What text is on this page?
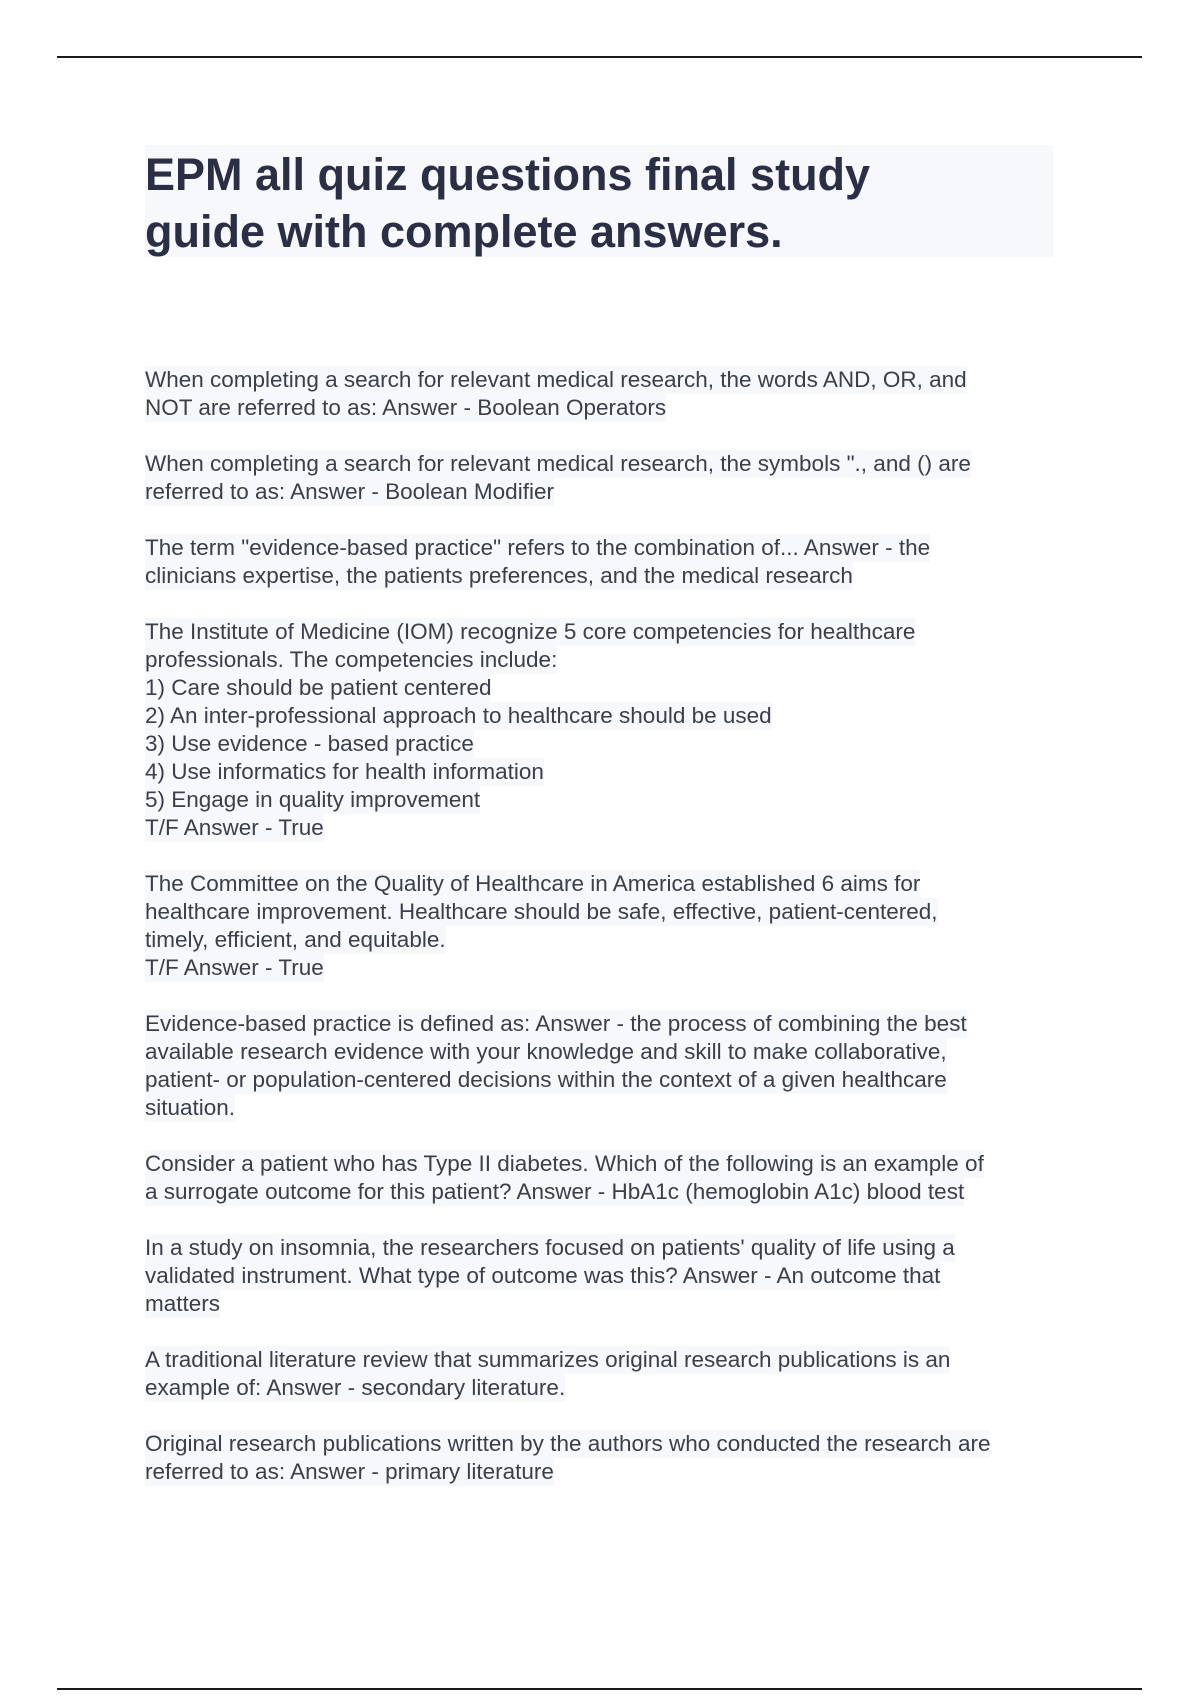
EPM all quiz questions final study
guide with complete answers.
When completing a search for relevant medical research, the words AND, OR, and
NOT are referred to as: Answer - Boolean Operators
When completing a search for relevant medical research, the symbols "., and () are
referred to as: Answer - Boolean Modifier
The term "evidence-based practice" refers to the combination of... Answer - the
clinicians expertise, the patients preferences, and the medical research
The Institute of Medicine (IOM) recognize 5 core competencies for healthcare
professionals. The competencies include:
1) Care should be patient centered
2) An inter-professional approach to healthcare should be used
3) Use evidence - based practice
4) Use informatics for health information
5) Engage in quality improvement
T/F Answer - True
The Committee on the Quality of Healthcare in America established 6 aims for
healthcare improvement. Healthcare should be safe, effective, patient-centered,
timely, efficient, and equitable.
T/F Answer - True
Evidence-based practice is defined as: Answer - the process of combining the best
available research evidence with your knowledge and skill to make collaborative,
patient- or population-centered decisions within the context of a given healthcare
situation.
Consider a patient who has Type II diabetes. Which of the following is an example of
a surrogate outcome for this patient? Answer - HbA1c (hemoglobin A1c) blood test
In a study on insomnia, the researchers focused on patients' quality of life using a
validated instrument. What type of outcome was this? Answer - An outcome that
matters
A traditional literature review that summarizes original research publications is an
example of: Answer - secondary literature.
Original research publications written by the authors who conducted the research are
referred to as: Answer - primary literature
